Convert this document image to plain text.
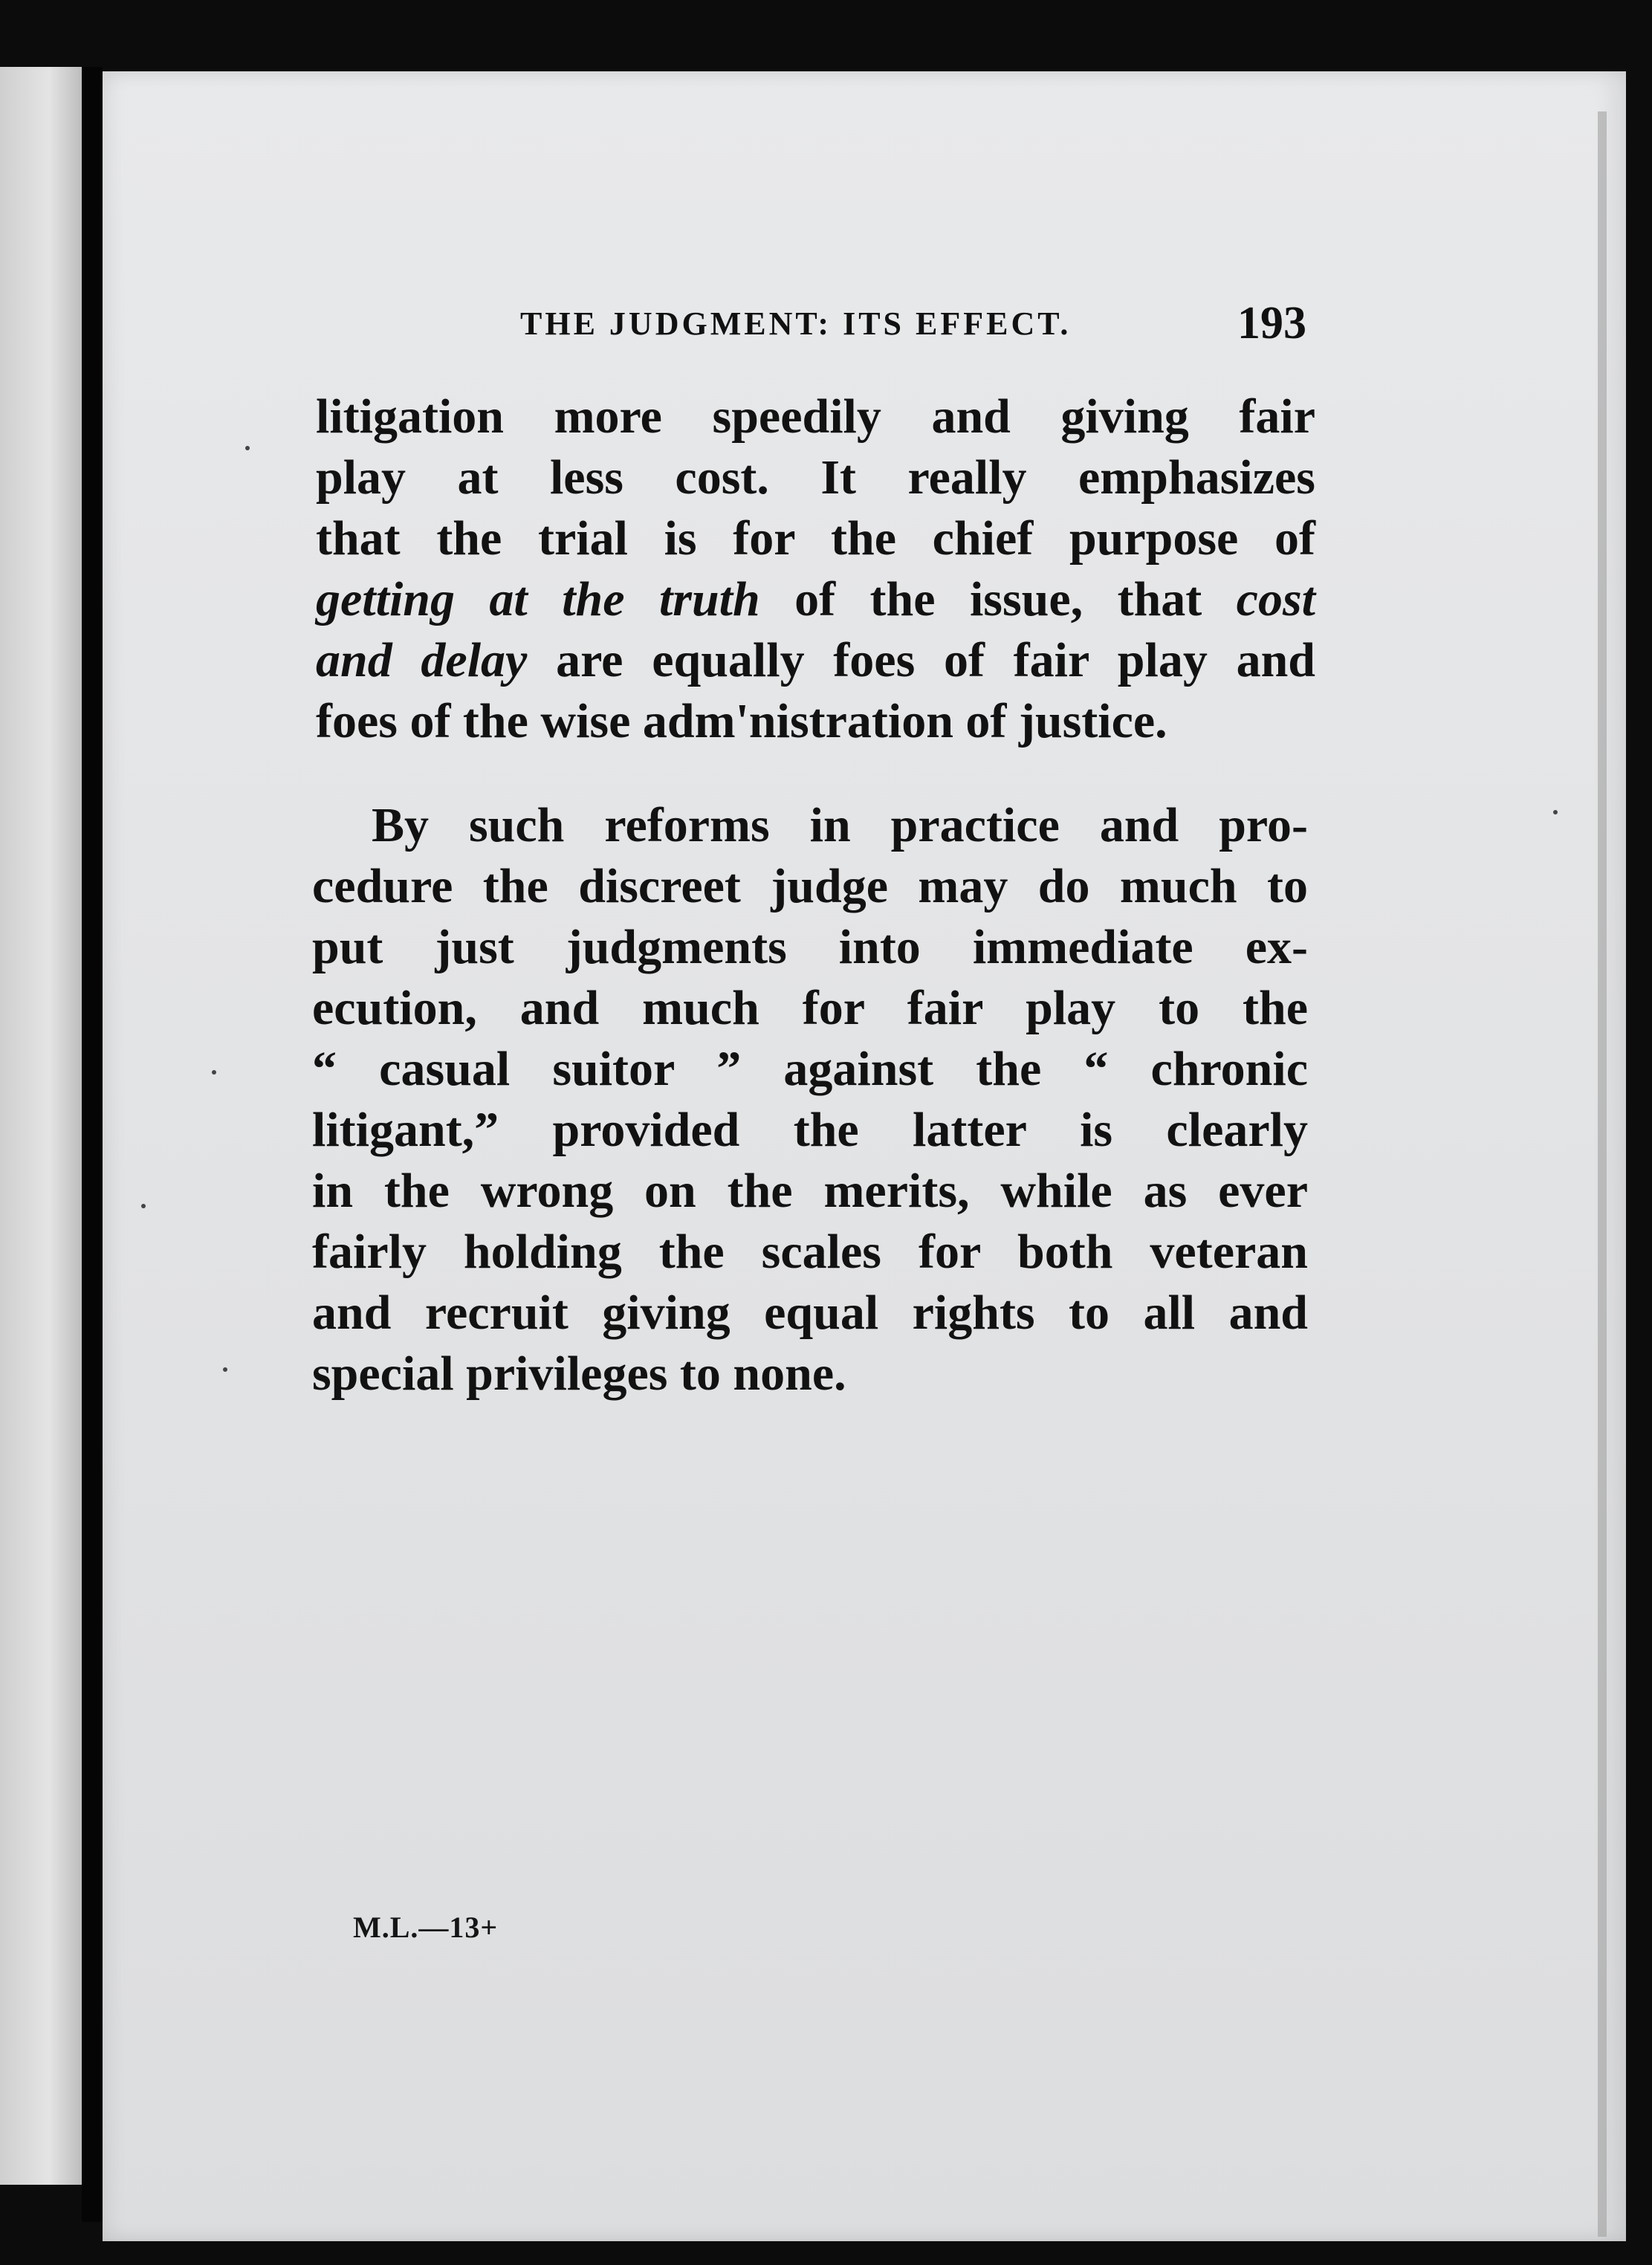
THE JUDGMENT: ITS EFFECT.	193
litigation more speedily and giving fair
play at less cost. It really emphasizes
that the trial is for the chief purpose of
getting at the truth of the issue, that cost
and delay are equally foes of fair play and
foes of the wise adm'nistration of justice.
By such reforms in practice and pro-
cedure the discreet judge may do much to
put just judgments into immediate ex-
ecution, and much for fair play to the
“ casual suitor ” against the “ chronic
litigant,” provided the latter is clearly
in the wrong on the merits, while as ever
fairly holding the scales for both veteran
and recruit giving equal rights to all and
special privileges to none.
M.L.—13+
